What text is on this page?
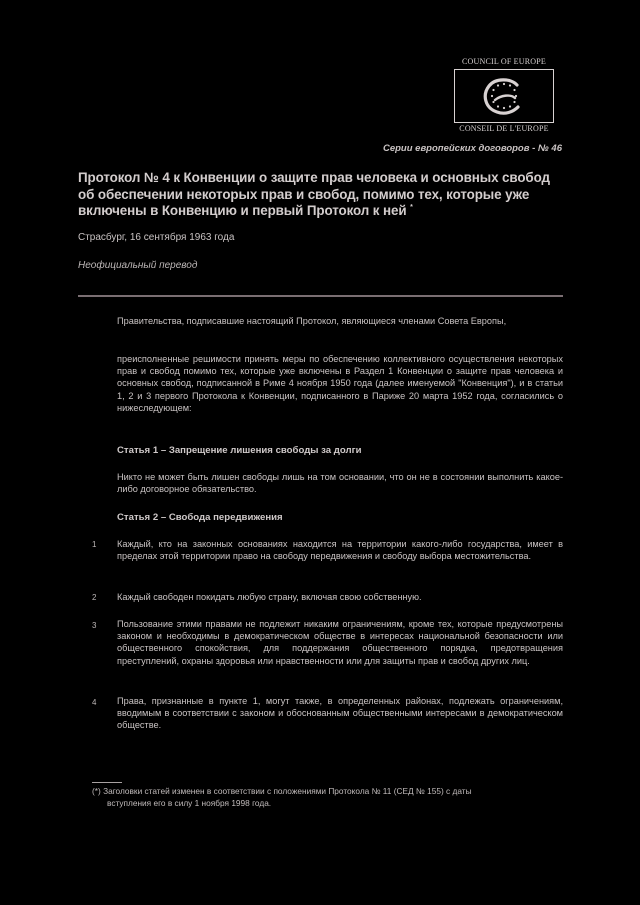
COUNCIL OF EUROPE
CONSEIL DE L'EUROPE
Серии европейских договоров - № 46
Протокол № 4 к Конвенции о защите прав человека и основных свобод об обеспечении некоторых прав и свобод, помимо тех, которые уже включены в Конвенцию и первый Протокол к ней *
Страсбург, 16 сентября 1963 года
Неофициальный перевод
Правительства, подписавшие настоящий Протокол, являющиеся членами Совета Европы,
преисполненные решимости принять меры по обеспечению коллективного осуществления некоторых прав и свобод помимо тех, которые уже включены в Раздел 1 Конвенции о защите прав человека и основных свобод, подписанной в Риме 4 ноября 1950 года (далее именуемой "Конвенция"), и в статьи 1, 2 и 3 первого Протокола к Конвенции, подписанного в Париже 20 марта 1952 года, согласились о нижеследующем:
Статья 1 – Запрещение лишения свободы за долги
Никто не может быть лишен свободы лишь на том основании, что он не в состоянии выполнить какое-либо договорное обязательство.
Статья 2 – Свобода передвижения
1 Каждый, кто на законных основаниях находится на территории какого-либо государства, имеет в пределах этой территории право на свободу передвижения и свободу выбора местожительства.
2 Каждый свободен покидать любую страну, включая свою собственную.
3 Пользование этими правами не подлежит никаким ограничениям, кроме тех, которые предусмотрены законом и необходимы в демократическом обществе в интересах национальной безопасности или общественного спокойствия, для поддержания общественного порядка, предотвращения преступлений, охраны здоровья или нравственности или для защиты прав и свобод других лиц.
4 Права, признанные в пункте 1, могут также, в определенных районах, подлежать ограничениям, вводимым в соответствии с законом и обоснованным общественными интересами в демократическом обществе.
(*) Заголовки статей изменен в соответствии с положениями Протокола № 11 (СЕД № 155) с даты
вступления его в силу 1 ноября 1998 года.
